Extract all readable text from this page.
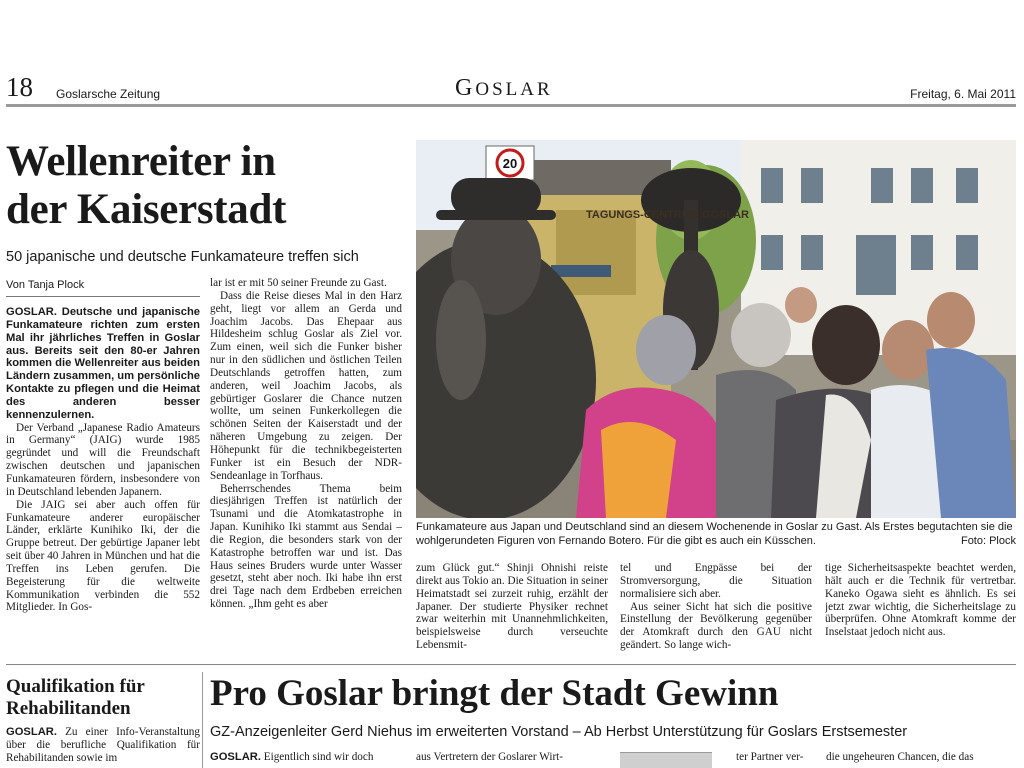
18 Goslarsche Zeitung	GOSLAR	Freitag, 6. Mai 2011
Wellenreiter in
der Kaiserstadt
50 japanische und deutsche Funkamateure treffen sich
Von Tanja Plock

GOSLAR. Deutsche und japanische Funkamateure richten zum ersten Mal ihr jährliches Treffen in Goslar aus. Bereits seit den 80-er Jahren kommen die Wellenreiter aus beiden Ländern zusammen, um persönliche Kontakte zu pflegen und die Heimat des anderen besser kennenzulernen.

Der Verband „Japanese Radio Amateurs in Germany“ (JAIG) wurde 1985 gegründet und will die Freundschaft zwischen deutschen und japanischen Funkamateuren fördern, insbesondere von in Deutschland lebenden Japanern.

Die JAIG sei aber auch offen für Funkamateure anderer europäischer Länder, erklärte Kunihiko Iki, der die Gruppe betreut. Der gebürtige Japaner lebt seit über 40 Jahren in München und hat die Treffen ins Leben gerufen. Die Begeisterung für die weltweite Kommunikation verbinden die 552 Mitglieder. In Gos-

lar ist er mit 50 seiner Freunde zu Gast.

Dass die Reise dieses Mal in den Harz geht, liegt vor allem an Gerda und Joachim Jacobs. Das Ehepaar aus Hildesheim schlug Goslar als Ziel vor. Zum einen, weil sich die Funker bisher nur in den südlichen und östlichen Teilen Deutschlands getroffen hatten, zum anderen, weil Joachim Jacobs, als gebürtiger Goslarer die Chance nutzen wollte, um seinen Funkerkollegen die schönen Seiten der Kaiserstadt und der näheren Umgebung zu zeigen. Der Höhepunkt für die technikbegeisterten Funker ist ein Besuch der NDR-Sendeanlage in Torfhaus.

Beherrschendes Thema beim diesjährigen Treffen ist natürlich der Tsunami und die Atomkatastrophe in Japan. Kunihiko Iki stammt aus Sendai – die Region, die besonders stark von der Katastrophe betroffen war und ist. Das Haus seines Bruders wurde unter Wasser gesetzt, steht aber noch. Iki habe ihn erst drei Tage nach dem Erdbeben erreichen können. „Ihm geht es aber

20
TAGUNGS-CENTRUM GOSLAR
Funkamateure aus Japan und Deutschland sind an diesem Wochenende in Goslar zu Gast. Als Erstes begutachten sie die wohlgerundeten Figuren von Fernando Botero. Für die gibt es auch ein Küsschen.	Foto: Plock

zum Glück gut.“ Shinji Ohnishi reiste direkt aus Tokio an. Die Situation in seiner Heimatstadt sei zurzeit ruhig, erzählt der Japaner. Der studierte Physiker rechnet zwar weiterhin mit Unannehmlichkeiten, beispielsweise durch verseuchte Lebensmit-

tel und Engpässe bei der Stromversorgung, die Situation normalisiere sich aber.

Aus seiner Sicht hat sich die positive Einstellung der Bevölkerung gegenüber der Atomkraft durch den GAU nicht geändert. So lange wich-

tige Sicherheitsaspekte beachtet werden, hält auch er die Technik für vertretbar. Kaneko Ogawa sieht es ähnlich. Es sei jetzt zwar wichtig, die Sicherheitslage zu überprüfen. Ohne Atomkraft komme der Inselstaat jedoch nicht aus.

Qualifikation für
Rehabilitanden
GOSLAR. Zu einer Info-Veranstaltung über die berufliche Qualifikation für Rehabilitanden sowie im
Pro Goslar bringt der Stadt Gewinn
GZ-Anzeigenleiter Gerd Niehus im erweiterten Vorstand – Ab Herbst Unterstützung für Goslars Erstsemester
GOSLAR. Eigentlich sind wir doch	aus Vertretern der Goslarer Wirt-	ter Partner ver-	die ungeheuren Chancen, die das
